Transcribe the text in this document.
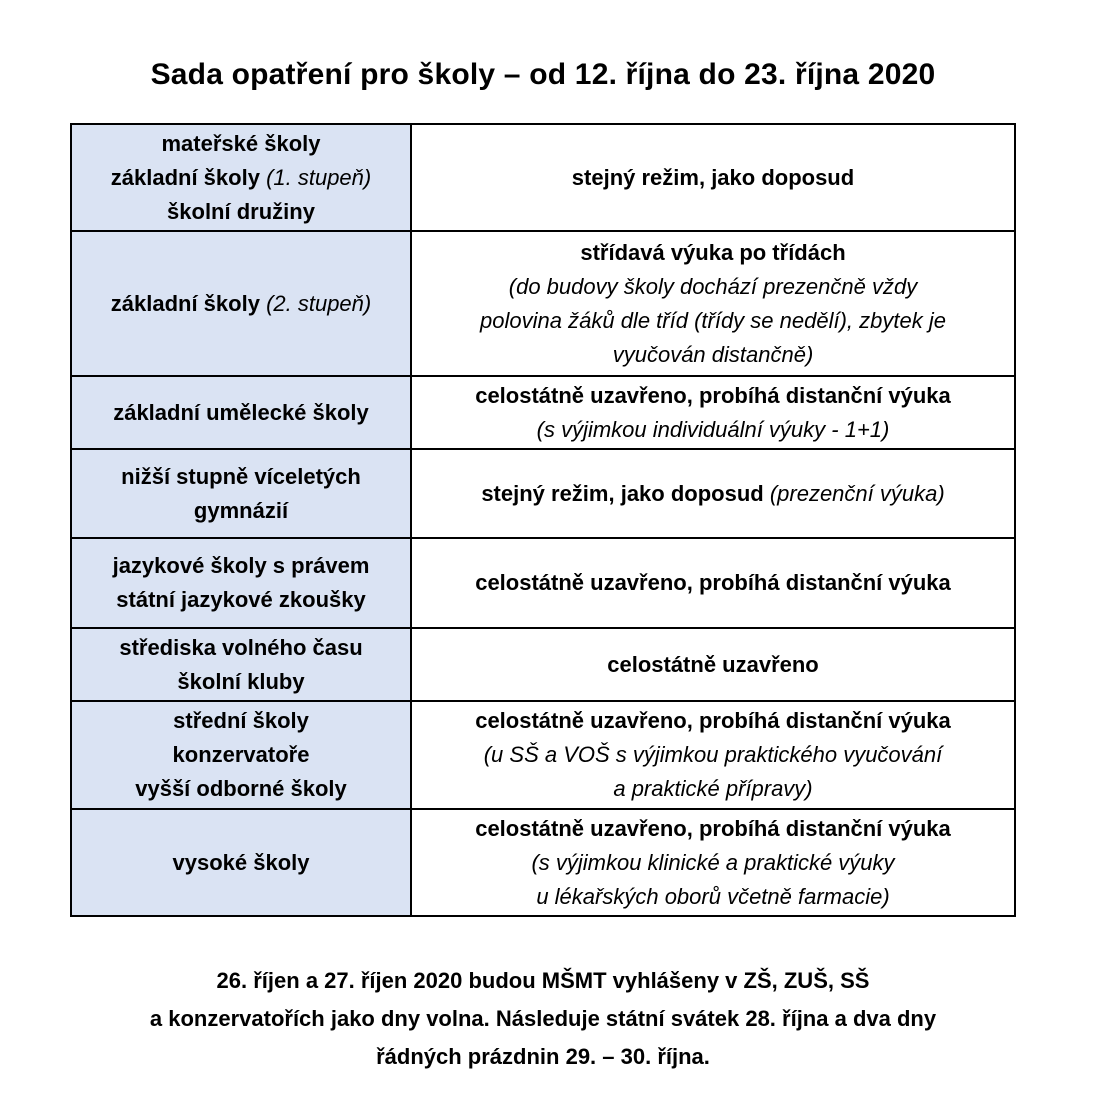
Sada opatření pro školy – od 12. října do 23. října 2020
mateřské školy
základní školy (1. stupeň)
školní družiny	stejný režim, jako doposud

základní školy (2. stupeň)	střídavá výuka po třídách
(do budovy školy dochází prezenčně vždy
polovina žáků dle tříd (třídy se nedělí), zbytek je
vyučován distančně)

základní umělecké školy	celostátně uzavřeno, probíhá distanční výuka
(s výjimkou individuální výuky - 1+1)

nižší stupně víceletých
gymnázií	stejný režim, jako doposud (prezenční výuka)

jazykové školy s právem
státní jazykové zkoušky	celostátně uzavřeno, probíhá distanční výuka

střediska volného času
školní kluby	celostátně uzavřeno

střední školy
konzervatoře
vyšší odborné školy	celostátně uzavřeno, probíhá distanční výuka
(u SŠ a VOŠ s výjimkou praktického vyučování
a praktické přípravy)

vysoké školy	celostátně uzavřeno, probíhá distanční výuka
(s výjimkou klinické a praktické výuky
u lékařských oborů včetně farmacie)
26. říjen a 27. říjen 2020 budou MŠMT vyhlášeny v ZŠ, ZUŠ, SŠ
a konzervatořích jako dny volna. Následuje státní svátek 28. října a dva dny
řádných prázdnin 29. – 30. října.
